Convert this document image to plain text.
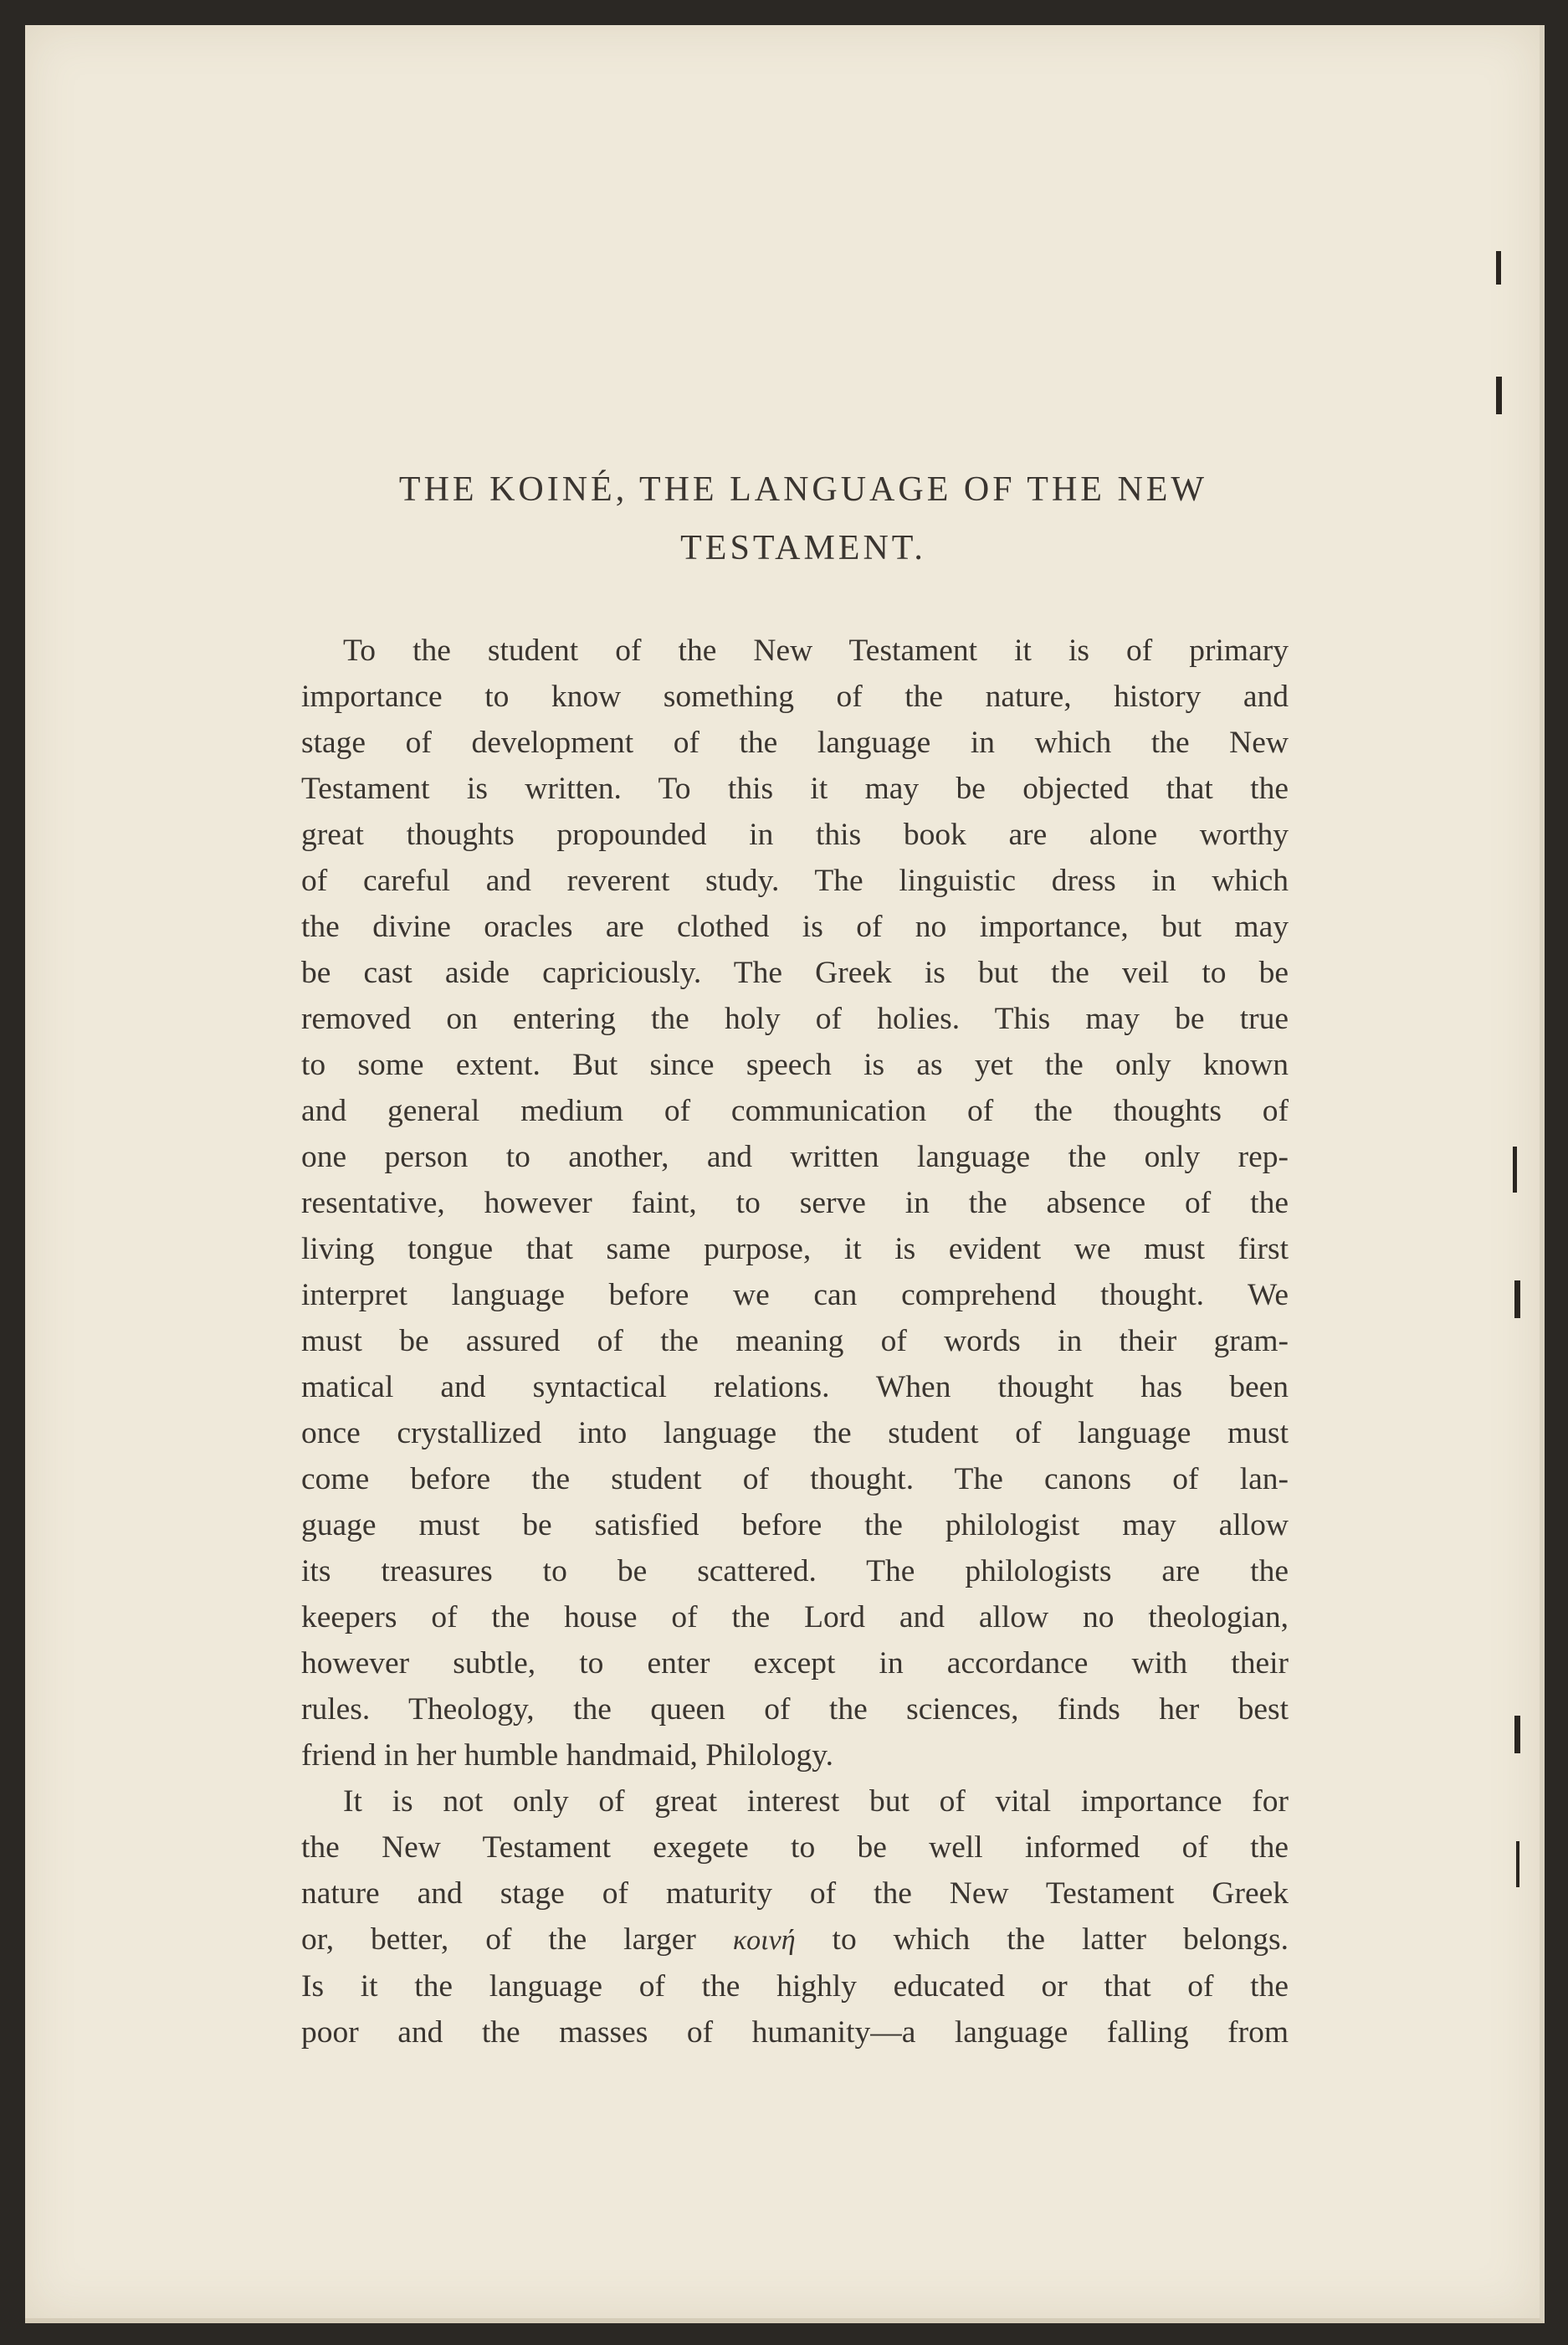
THE KOINÉ, THE LANGUAGE OF THE NEW
TESTAMENT.
To the student of the New Testament it is of primary
importance to know something of the nature, history and
stage of development of the language in which the New
Testament is written. To this it may be objected that the
great thoughts propounded in this book are alone worthy
of careful and reverent study. The linguistic dress in which
the divine oracles are clothed is of no importance, but may
be cast aside capriciously. The Greek is but the veil to be
removed on entering the holy of holies. This may be true
to some extent. But since speech is as yet the only known
and general medium of communication of the thoughts of
one person to another, and written language the only rep-
resentative, however faint, to serve in the absence of the
living tongue that same purpose, it is evident we must first
interpret language before we can comprehend thought. We
must be assured of the meaning of words in their gram-
matical and syntactical relations. When thought has been
once crystallized into language the student of language must
come before the student of thought. The canons of lan-
guage must be satisfied before the philologist may allow
its treasures to be scattered. The philologists are the
keepers of the house of the Lord and allow no theologian,
however subtle, to enter except in accordance with their
rules. Theology, the queen of the sciences, finds her best
friend in her humble handmaid, Philology.
It is not only of great interest but of vital importance for
the New Testament exegete to be well informed of the
nature and stage of maturity of the New Testament Greek
or, better, of the larger κοινή to which the latter belongs.
Is it the language of the highly educated or that of the
poor and the masses of humanity—a language falling from
